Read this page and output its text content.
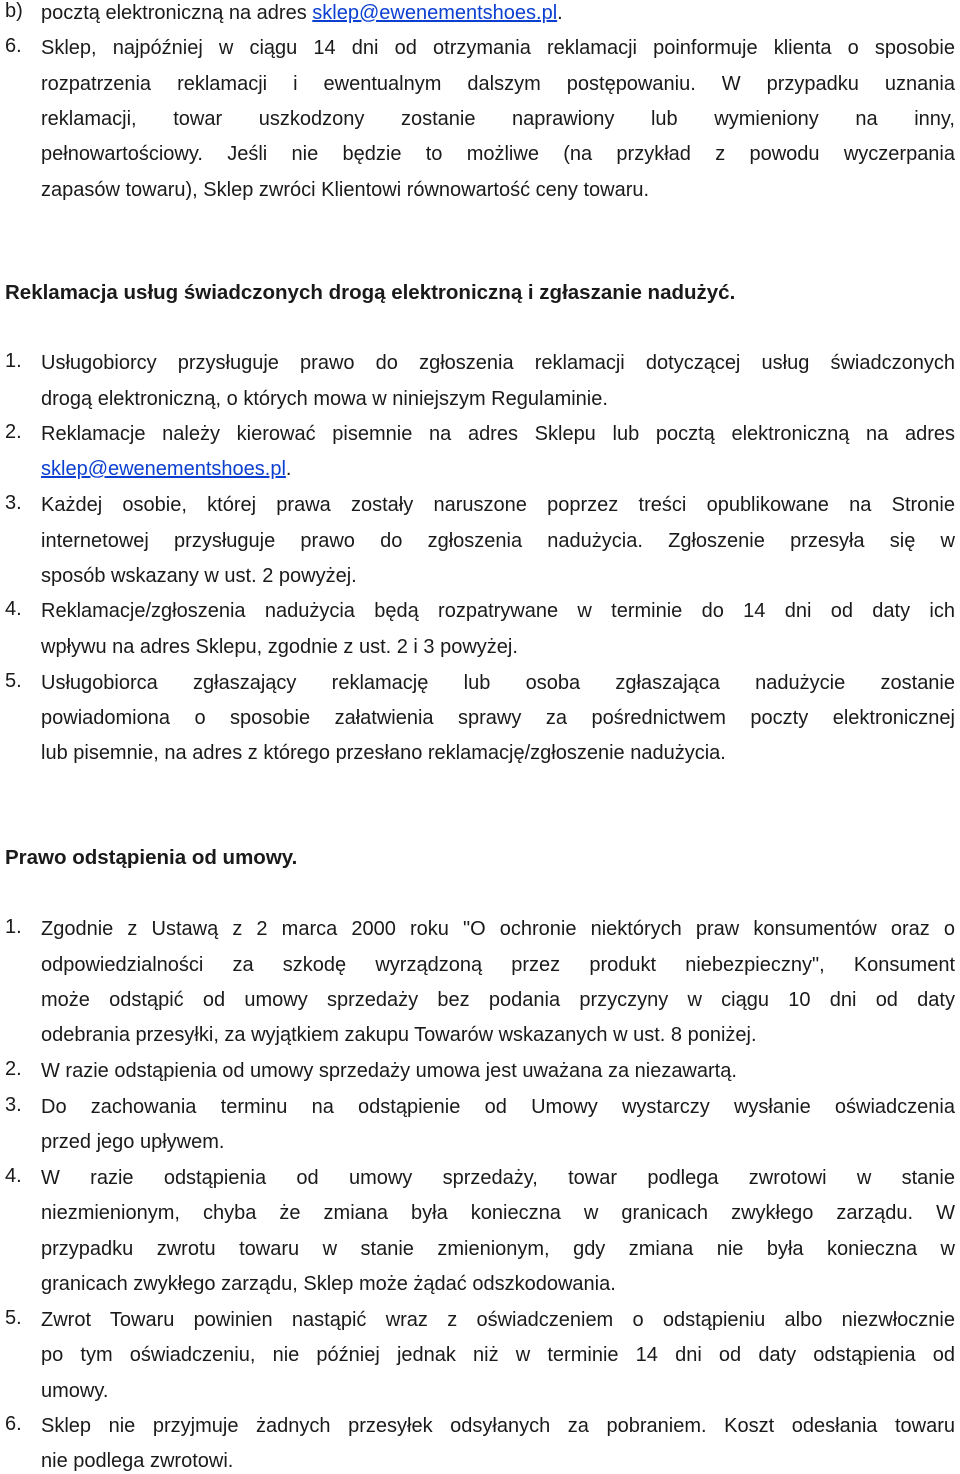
b) pocztą elektroniczną na adres sklep@ewenementshoes.pl.
6. Sklep, najpóźniej w ciągu 14 dni od otrzymania reklamacji poinformuje klienta o sposobie
rozpatrzenia reklamacji i ewentualnym dalszym postępowaniu. W przypadku uznania
reklamacji, towar uszkodzony zostanie naprawiony lub wymieniony na inny,
pełnowartościowy. Jeśli nie będzie to możliwe (na przykład z powodu wyczerpania
zapasów towaru), Sklep zwróci Klientowi równowartość ceny towaru.
Reklamacja usług świadczonych drogą elektroniczną i zgłaszanie nadużyć.
1. Usługobiorcy przysługuje prawo do zgłoszenia reklamacji dotyczącej usług świadczonych
drogą elektroniczną, o których mowa w niniejszym Regulaminie.
2. Reklamacje należy kierować pisemnie na adres Sklepu lub pocztą elektroniczną na adres
sklep@ewenementshoes.pl.
3. Każdej osobie, której prawa zostały naruszone poprzez treści opublikowane na Stronie
internetowej przysługuje prawo do zgłoszenia nadużycia. Zgłoszenie przesyła się w
sposób wskazany w ust. 2 powyżej.
4. Reklamacje/zgłoszenia nadużycia będą rozpatrywane w terminie do 14 dni od daty ich
wpływu na adres Sklepu, zgodnie z ust. 2 i 3 powyżej.
5. Usługobiorca zgłaszający reklamację lub osoba zgłaszająca nadużycie zostanie
powiadomiona o sposobie załatwienia sprawy za pośrednictwem poczty elektronicznej
lub pisemnie, na adres z którego przesłano reklamację/zgłoszenie nadużycia.
Prawo odstąpienia od umowy.
1. Zgodnie z Ustawą z 2 marca 2000 roku "O ochronie niektórych praw konsumentów oraz o
odpowiedzialności za szkodę wyrządzoną przez produkt niebezpieczny", Konsument
może odstąpić od umowy sprzedaży bez podania przyczyny w ciągu 10 dni od daty
odebrania przesyłki, za wyjątkiem zakupu Towarów wskazanych w ust. 8 poniżej.
2. W razie odstąpienia od umowy sprzedaży umowa jest uważana za niezawartą.
3. Do zachowania terminu na odstąpienie od Umowy wystarczy wysłanie oświadczenia
przed jego upływem.
4. W razie odstąpienia od umowy sprzedaży, towar podlega zwrotowi w stanie
niezmienionym, chyba że zmiana była konieczna w granicach zwykłego zarządu. W
przypadku zwrotu towaru w stanie zmienionym, gdy zmiana nie była konieczna w
granicach zwykłego zarządu, Sklep może żądać odszkodowania.
5. Zwrot Towaru powinien nastąpić wraz z oświadczeniem o odstąpieniu albo niezwłocznie
po tym oświadczeniu, nie później jednak niż w terminie 14 dni od daty odstąpienia od
umowy.
6. Sklep nie przyjmuje żadnych przesyłek odsyłanych za pobraniem. Koszt odesłania towaru
nie podlega zwrotowi.
